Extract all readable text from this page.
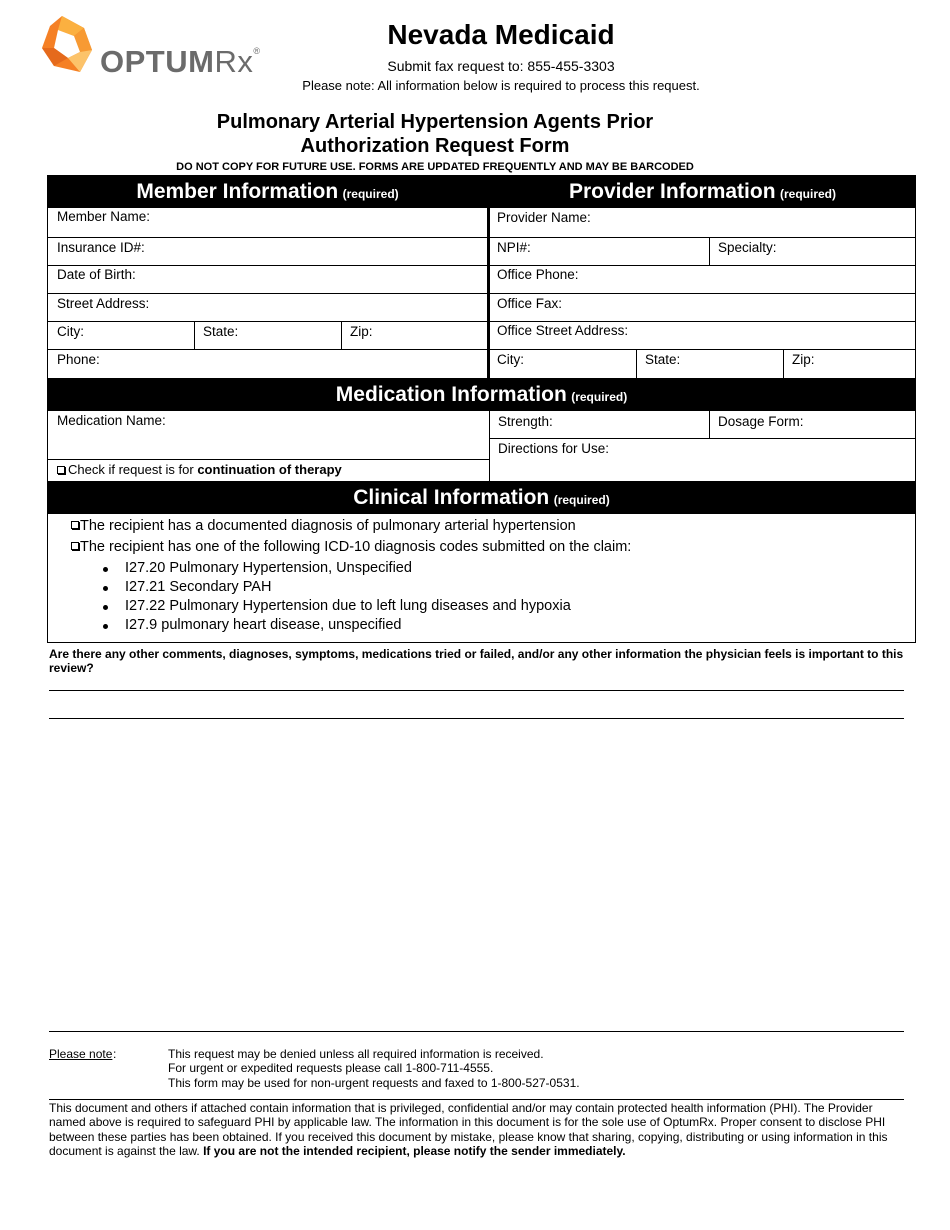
OPTUMRx®
Nevada Medicaid
Submit fax request to: 855-455-3303
Please note: All information below is required to process this request.
Pulmonary Arterial Hypertension Agents Prior
Authorization Request Form
DO NOT COPY FOR FUTURE USE. FORMS ARE UPDATED FREQUENTLY AND MAY BE BARCODED
Member Information (required)	Provider Information (required)
Member Name:
Insurance ID#:
Date of Birth:
Street Address:
City:	State:	Zip:
Phone:
Provider Name:
NPI#:	Specialty:
Office Phone:
Office Fax:
Office Street Address:
City:	State:	Zip:
Medication Information (required)
Medication Name:	Strength:	Dosage Form:
Directions for Use:
Check if request is for continuation of therapy
Clinical Information (required)
The recipient has a documented diagnosis of pulmonary arterial hypertension
The recipient has one of the following ICD-10 diagnosis codes submitted on the claim:
I27.20 Pulmonary Hypertension, Unspecified
I27.21 Secondary PAH
I27.22 Pulmonary Hypertension due to left lung diseases and hypoxia
I27.9 pulmonary heart disease, unspecified
Are there any other comments, diagnoses, symptoms, medications tried or failed, and/or any other information the physician feels is important to this review?
Please note :	This request may be denied unless all required information is received.
For urgent or expedited requests please call 1-800-711-4555.
This form may be used for non-urgent requests and faxed to 1-800-527-0531.
This document and others if attached contain information that is privileged, confidential and/or may contain protected health information (PHI). The Provider named above is required to safeguard PHI by applicable law. The information in this document is for the sole use of OptumRx. Proper consent to disclose PHI between these parties has been obtained. If you received this document by mistake, please know that sharing, copying, distributing or using information in this document is against the law. If you are not the intended recipient, please notify the sender immediately.
